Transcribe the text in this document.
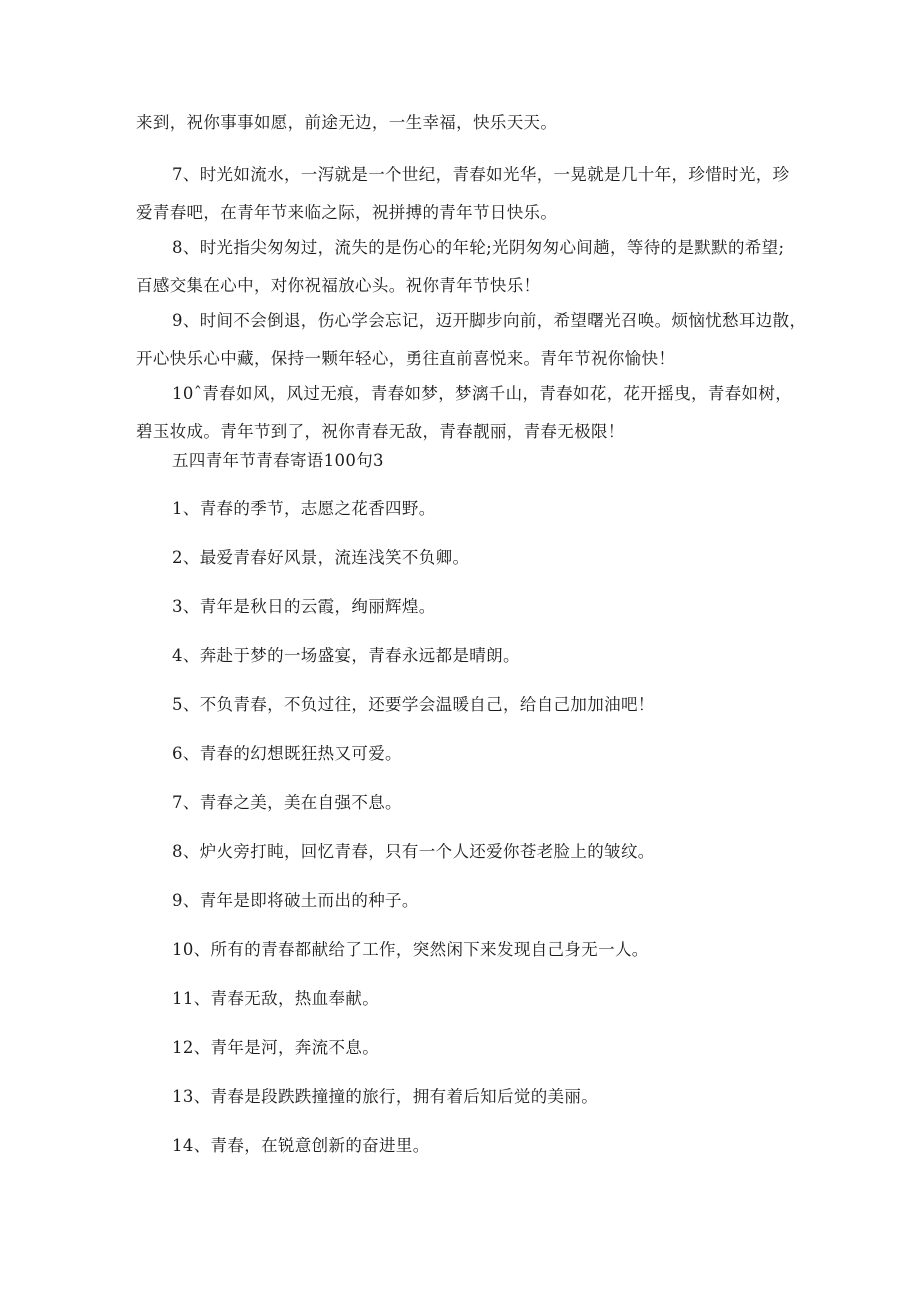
来到，祝你事事如愿，前途无边，一生幸福，快乐天天。
7、时光如流水，一泻就是一个世纪，青春如光华，一晃就是几十年，珍惜时光，珍
爱青春吧，在青年节来临之际，祝拼搏的青年节日快乐。
8、时光指尖匆匆过，流失的是伤心的年轮;光阴匆匆心间趟，等待的是默默的希望;
百感交集在心中，对你祝福放心头。祝你青年节快乐！
9、时间不会倒退，伤心学会忘记，迈开脚步向前，希望曙光召唤。烦恼忧愁耳边散，
开心快乐心中藏，保持一颗年轻心，勇往直前喜悦来。青年节祝你愉快！
10ˆ青春如风，风过无痕，青春如梦，梦漓千山，青春如花，花开摇曳，青春如树，
碧玉妆成。青年节到了，祝你青春无敌，青春靓丽，青春无极限！
五四青年节青春寄语100句3
1、青春的季节，志愿之花香四野。
2、最爱青春好风景，流连浅笑不负卿。
3、青年是秋日的云霞，绚丽辉煌。
4、奔赴于梦的一场盛宴，青春永远都是晴朗。
5、不负青春，不负过往，还要学会温暖自己，给自己加加油吧！
6、青春的幻想既狂热又可爱。
7、青春之美，美在自强不息。
8、炉火旁打盹，回忆青春，只有一个人还爱你苍老脸上的皱纹。
9、青年是即将破土而出的种子。
10、所有的青春都献给了工作，突然闲下来发现自己身无一人。
11、青春无敌，热血奉献。
12、青年是河，奔流不息。
13、青春是段跌跌撞撞的旅行，拥有着后知后觉的美丽。
14、青春，在锐意创新的奋进里。
